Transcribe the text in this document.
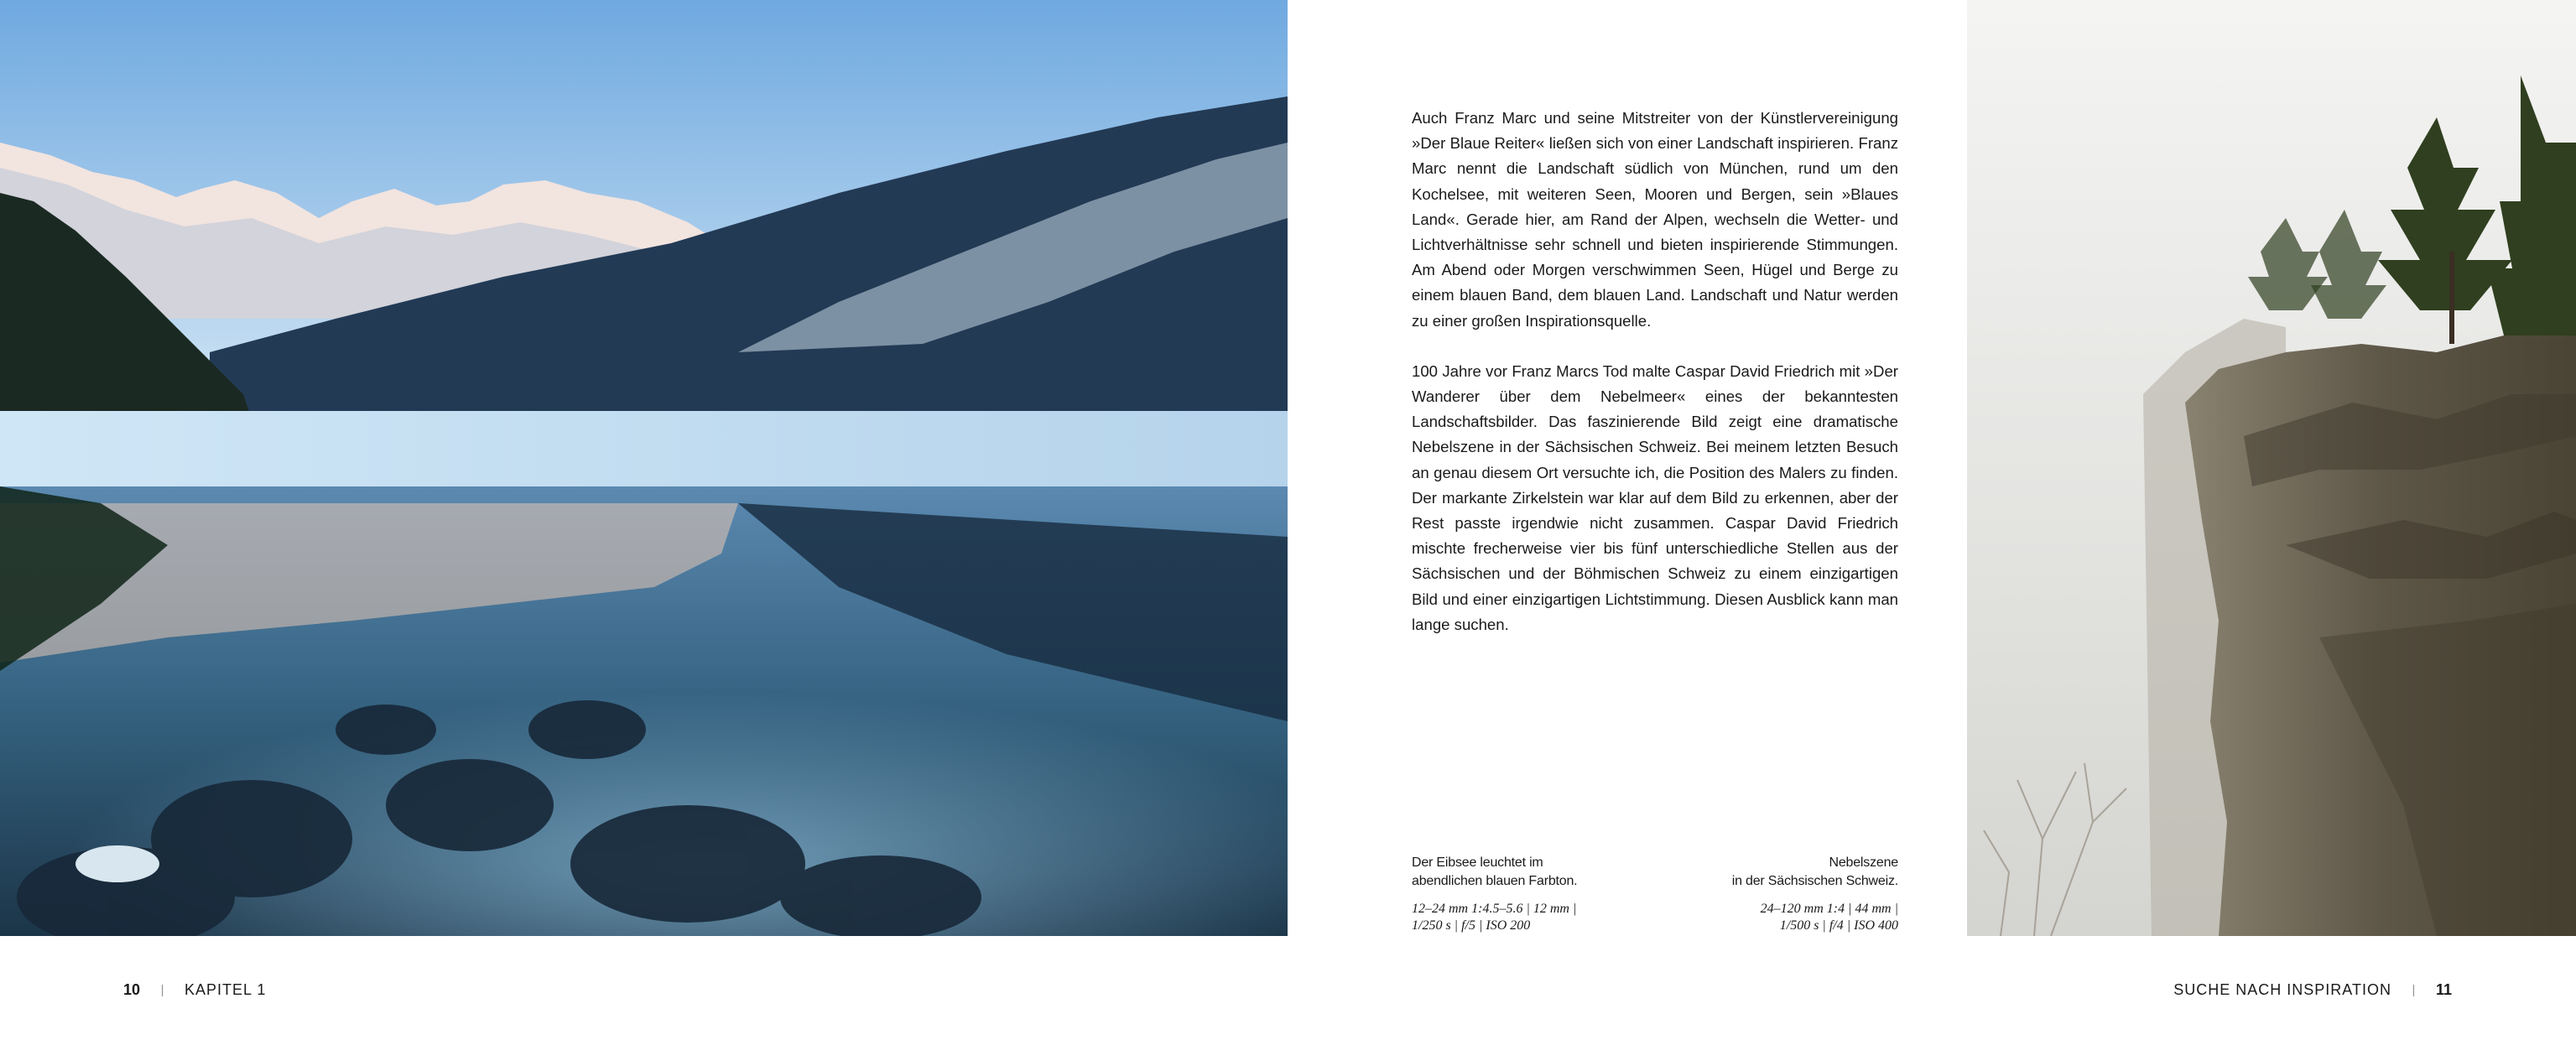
Auch Franz Marc und seine Mitstreiter von der Künstlervereinigung »Der Blaue Reiter« ließen sich von einer Landschaft inspirieren. Franz Marc nennt die Landschaft südlich von München, rund um den Kochelsee, mit weiteren Seen, Mooren und Bergen, sein »Blaues Land«. Gerade hier, am Rand der Alpen, wechseln die Wetter- und Lichtverhältnisse sehr schnell und bieten inspirierende Stimmungen. Am Abend oder Morgen verschwimmen Seen, Hügel und Berge zu einem blauen Band, dem blauen Land. Landschaft und Natur werden zu einer großen Inspirationsquelle.

100 Jahre vor Franz Marcs Tod malte Caspar David Friedrich mit »Der Wanderer über dem Nebelmeer« eines der bekanntesten Landschaftsbilder. Das faszinierende Bild zeigt eine dramatische Nebelszene in der Sächsischen Schweiz. Bei meinem letzten Besuch an genau diesem Ort versuchte ich, die Position des Malers zu finden. Der markante Zirkelstein war klar auf dem Bild zu erkennen, aber der Rest passte irgendwie nicht zusammen. Caspar David Friedrich mischte frecherweise vier bis fünf unterschiedliche Stellen aus der Sächsischen und der Böhmischen Schweiz zu einem einzigartigen Bild und einer einzigartigen Lichtstimmung. Diesen Ausblick kann man lange suchen.

Der Eibsee leuchtet im
abendlichen blauen Farbton.
12–24 mm 1:4.5–5.6 | 12 mm |
1/250 s | f/5 | ISO 200
Nebelszene
in der Sächsischen Schweiz.
24–120 mm 1:4 | 44 mm |
1/500 s | f/4 | ISO 400
10	KAPITEL 1	SUCHE NACH INSPIRATION	11
